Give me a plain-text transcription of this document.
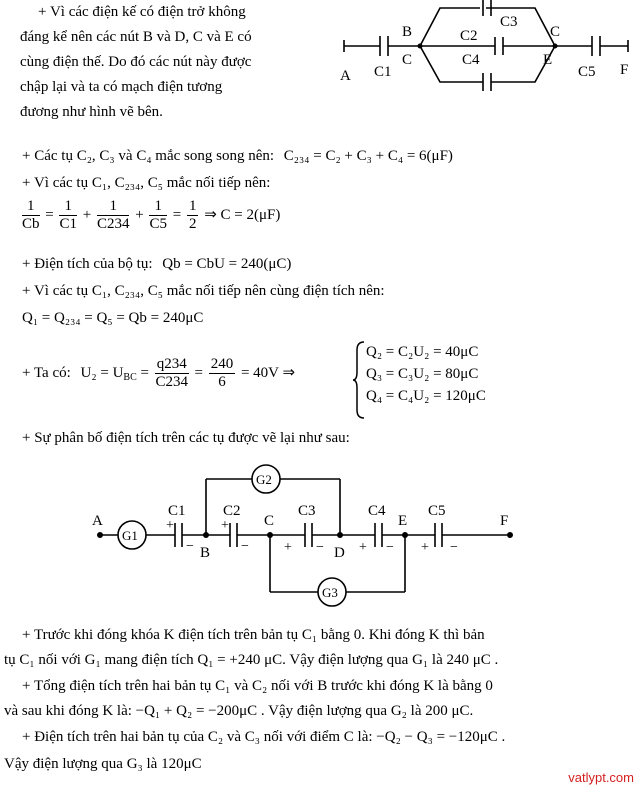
+ Vì các điện kế có điện trở không
đáng kể nên các nút B và D, C và E có
cùng điện thế. Do đó các nút này được
chập lại và ta có mạch điện tương
đương như hình vẽ bên.
A
B
C
C
E
F
C1
C2
C3
C4
C5
+ Các tụ C₂, C₃ và C₄ mắc song song nên: C₂₃₄ = C₂ + C₃ + C₄ = 6(μF)
+ Vì các tụ C₁, C₂₃₄, C₅ mắc nối tiếp nên:
$\frac{1}{Cb} = \frac{1}{C1} + \frac{1}{C234} + \frac{1}{C5} = \frac{1}{2}$ ⇒ C = 2(μF)
+ Điện tích của bộ tụ: Qb = CbU = 240(μC)
+ Vì các tụ C₁, C₂₃₄, C₅ mắc nối tiếp nên cùng điện tích nên:
Q₁ = Q₂₃₄ = Q₅ = Qb = 240μC
+ Ta có: $U_2 = U_{BC} = \frac{q234}{C234} = \frac{240}{6} = 40V$ ⇒
Q₂ = C₂U₂ = 40μC
Q₃ = C₃U₂ = 80μC
Q₄ = C₄U₂ = 120μC
+ Sự phân bố điện tích trên các tụ được vẽ lại như sau:
A
B
C
D
E	F
C1 C2	C3	C4	C5
G1
G2
G3
+
−
+
−	+ −	+ − + −
+ Trước khi đóng khóa K điện tích trên bản tụ C₁ bằng 0. Khi đóng K thì bản
tụ C₁ nối với G₁ mang điện tích Q₁ = +240 μC. Vậy điện lượng qua G₁ là 240 μC .
+ Tổng điện tích trên hai bản tụ C₁ và C₂ nối với B trước khi đóng K là bằng 0
và sau khi đóng K là: −Q₁ + Q₂ = −200μC . Vậy điện lượng qua G₂ là 200 μC.
+ Điện tích trên hai bản tụ của C₂ và C₃ nối với điểm C là: −Q₂ − Q₃ = −120μC .
Vậy điện lượng qua G₃ là 120μC
vatlypt.com
